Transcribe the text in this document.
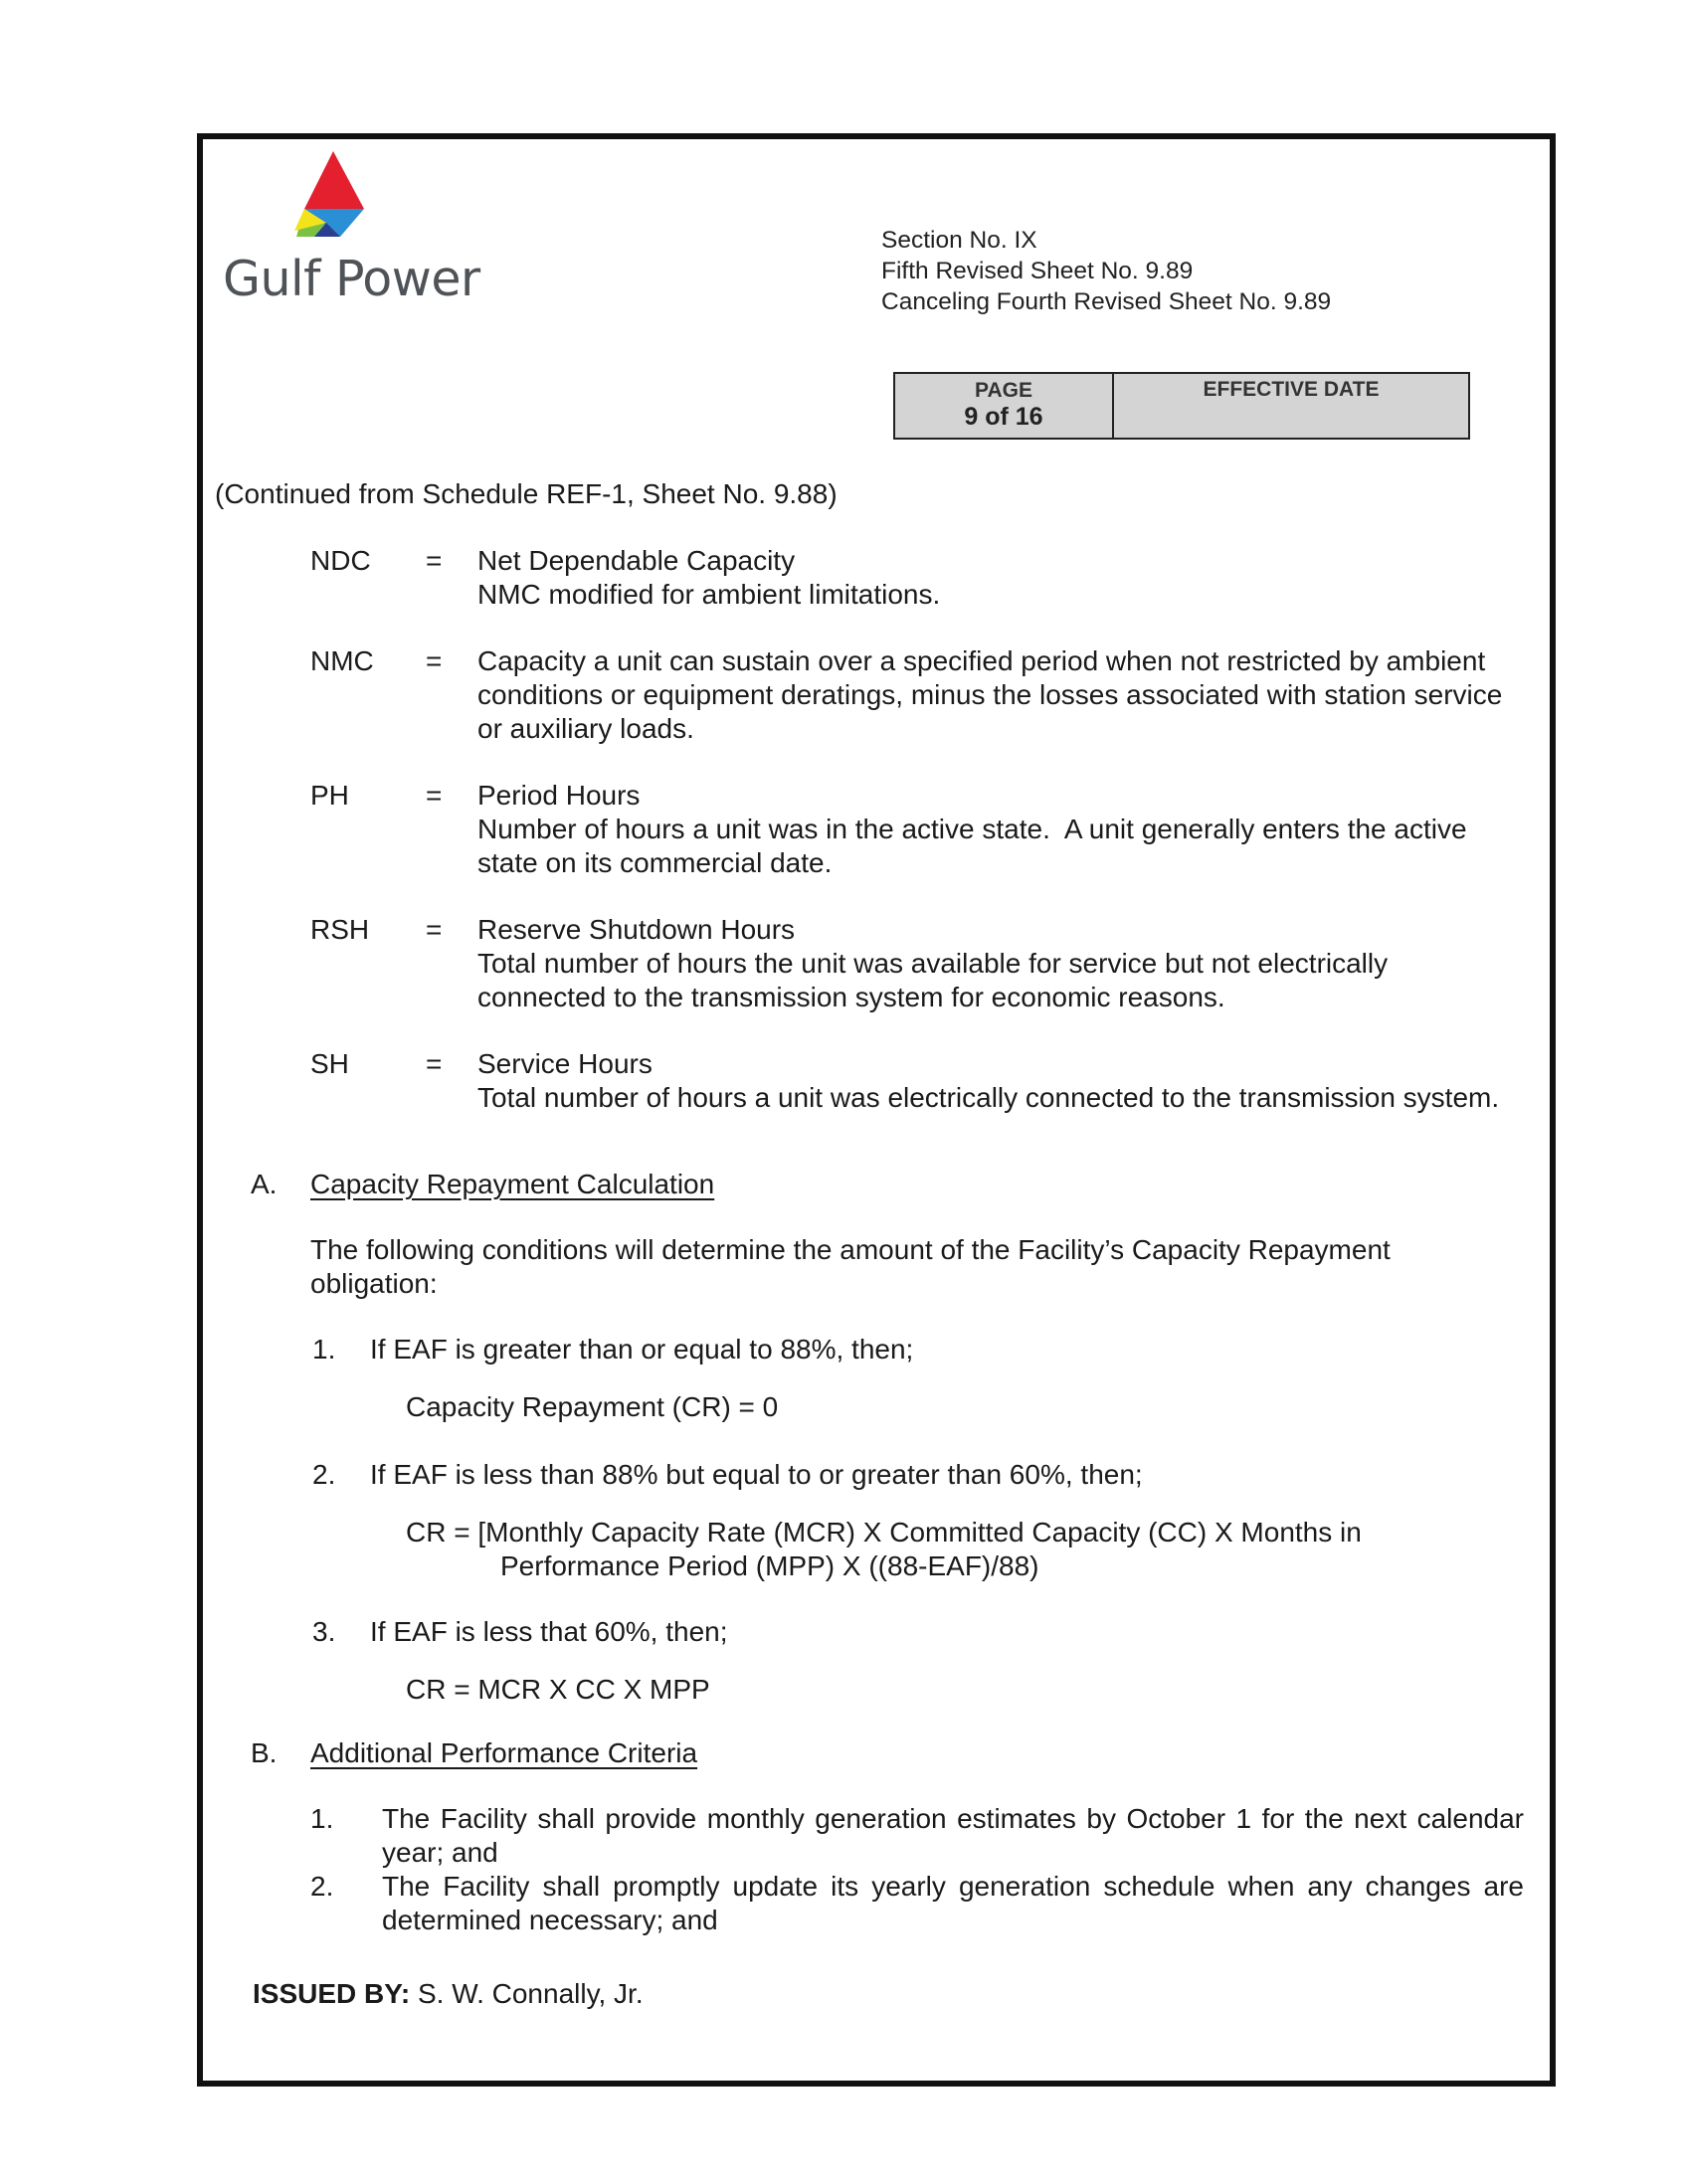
Gulf Power
Section No. IX
Fifth Revised Sheet No. 9.89
Canceling Fourth Revised Sheet No. 9.89
PAGE
9 of 16
EFFECTIVE DATE
(Continued from Schedule REF-1, Sheet No. 9.88)
NDC	=	Net Dependable Capacity
NMC modified for ambient limitations.
NMC	=	Capacity a unit can sustain over a specified period when not restricted by ambient conditions or equipment deratings, minus the losses associated with station service or auxiliary loads.
PH	=	Period Hours
Number of hours a unit was in the active state.  A unit generally enters the active state on its commercial date.
RSH	=	Reserve Shutdown Hours
Total number of hours the unit was available for service but not electrically connected to the transmission system for economic reasons.
SH	=	Service Hours
Total number of hours a unit was electrically connected to the transmission system.
A. Capacity Repayment Calculation
The following conditions will determine the amount of the Facility’s Capacity Repayment obligation:
1. If EAF is greater than or equal to 88%, then;
Capacity Repayment (CR) = 0
2. If EAF is less than 88% but equal to or greater than 60%, then;
CR = [Monthly Capacity Rate (MCR) X Committed Capacity (CC) X Months in
Performance Period (MPP) X ((88-EAF)/88)
3. If EAF is less that 60%, then;
CR = MCR X CC X MPP
B. Additional Performance Criteria
1. The Facility shall provide monthly generation estimates by October 1 for the next calendar year; and
2. The Facility shall promptly update its yearly generation schedule when any changes are determined necessary; and
ISSUED BY: S. W. Connally, Jr.
